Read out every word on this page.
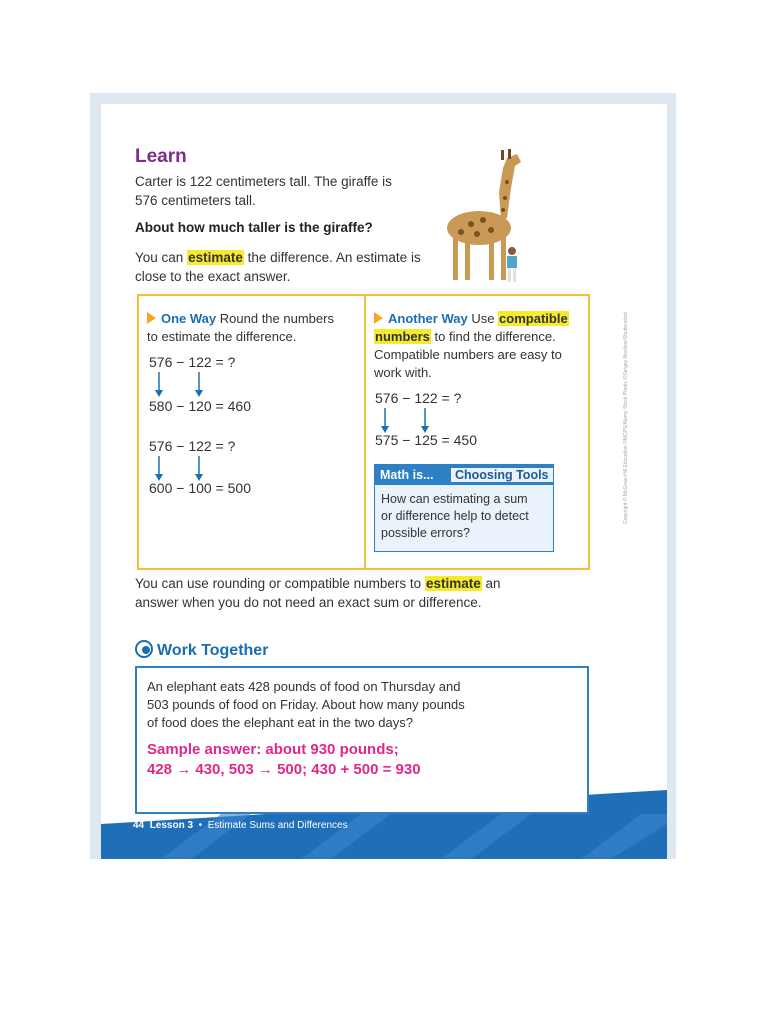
Learn
Carter is 122 centimeters tall. The giraffe is
576 centimeters tall.
About how much taller is the giraffe?
You can estimate the difference. An estimate is
close to the exact answer.
One Way Round the numbers
to estimate the difference.
576 − 122 = ?
580 − 120 = 460
576 − 122 = ?
600 − 100 = 500
Another Way Use compatible
numbers to find the difference.
Compatible numbers are easy to
work with.
576 − 122 = ?
575 − 125 = 450
Math is...	Choosing Tools
How can estimating a sum
or difference help to detect
possible errors?
You can use rounding or compatible numbers to estimate an
answer when you do not need an exact sum or difference.
Work Together
An elephant eats 428 pounds of food on Thursday and
503 pounds of food on Friday. About how many pounds
of food does the elephant eat in the two days?
Sample answer: about 930 pounds;
428 → 430, 503 → 500; 430 + 500 = 930
44 Lesson 3 • Estimate Sums and Differences
Copyright © McGraw-Hill Education ©MCPS/Alamy Stock Photo; ©Sergey Novikov/Shutterstock
